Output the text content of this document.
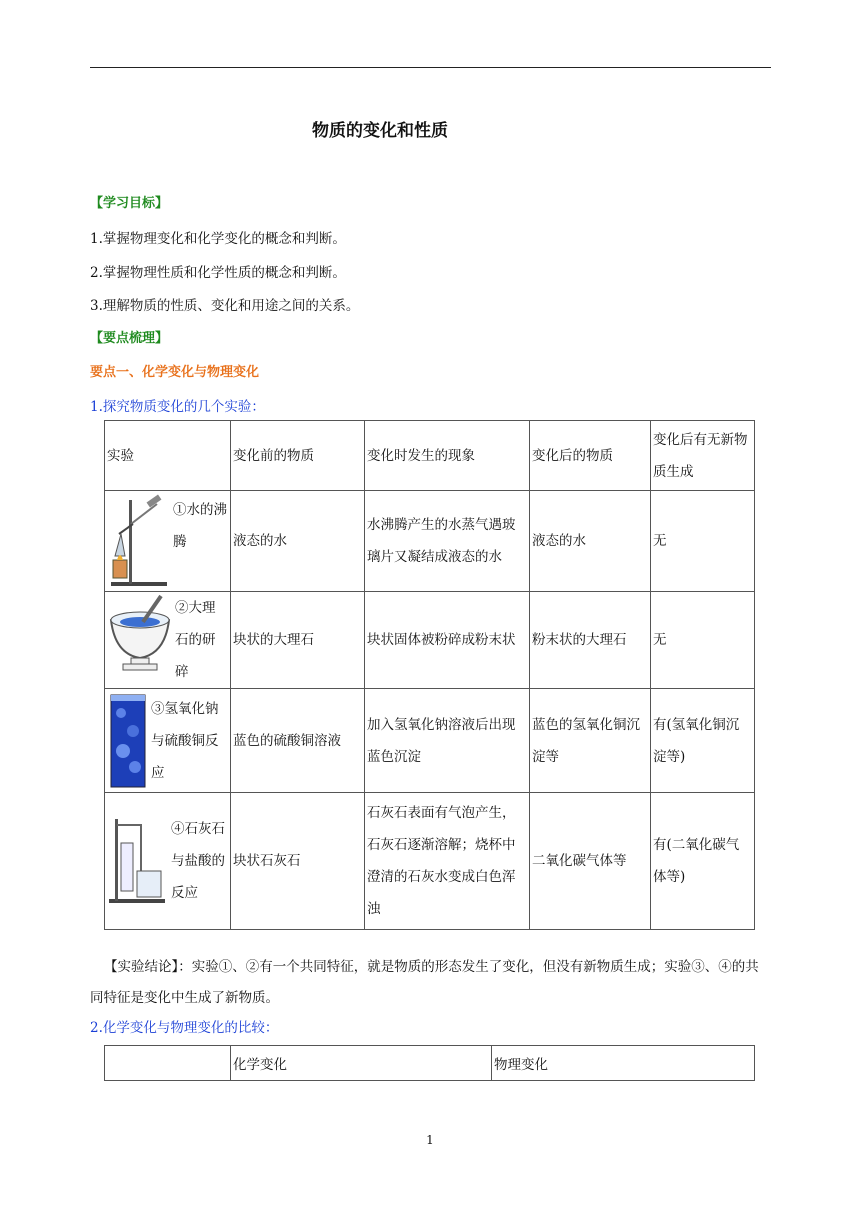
物质的变化和性质
【学习目标】
1.掌握物理变化和化学变化的概念和判断。
2.掌握物理性质和化学性质的概念和判断。
3.理解物质的性质、变化和用途之间的关系。
【要点梳理】
要点一、化学变化与物理变化
1.探究物质变化的几个实验：
实验	变化前的物质	变化时发生的现象	变化后的物质	变化后有无新物质生成

①水的沸腾	液态的水	水沸腾产生的水蒸气遇玻璃片又凝结成液态的水	液态的水	无

②大理石的研碎	块状的大理石	块状固体被粉碎成粉末状	粉末状的大理石	无

③氢氧化钠与硫酸铜反应	蓝色的硫酸铜溶液	加入氢氧化钠溶液后出现蓝色沉淀	蓝色的氢氧化铜沉淀等	有(氢氧化铜沉淀等)

④石灰石与盐酸的反应	块状石灰石	石灰石表面有气泡产生，石灰石逐渐溶解；烧杯中澄清的石灰水变成白色浑浊	二氧化碳气体等	有(二氧化碳气体等)
【实验结论】：实验①、②有一个共同特征，就是物质的形态发生了变化，但没有新物质生成；实验③、④的共同特征是变化中生成了新物质。
2.化学变化与物理变化的比较：
	化学变化	物理变化
1
